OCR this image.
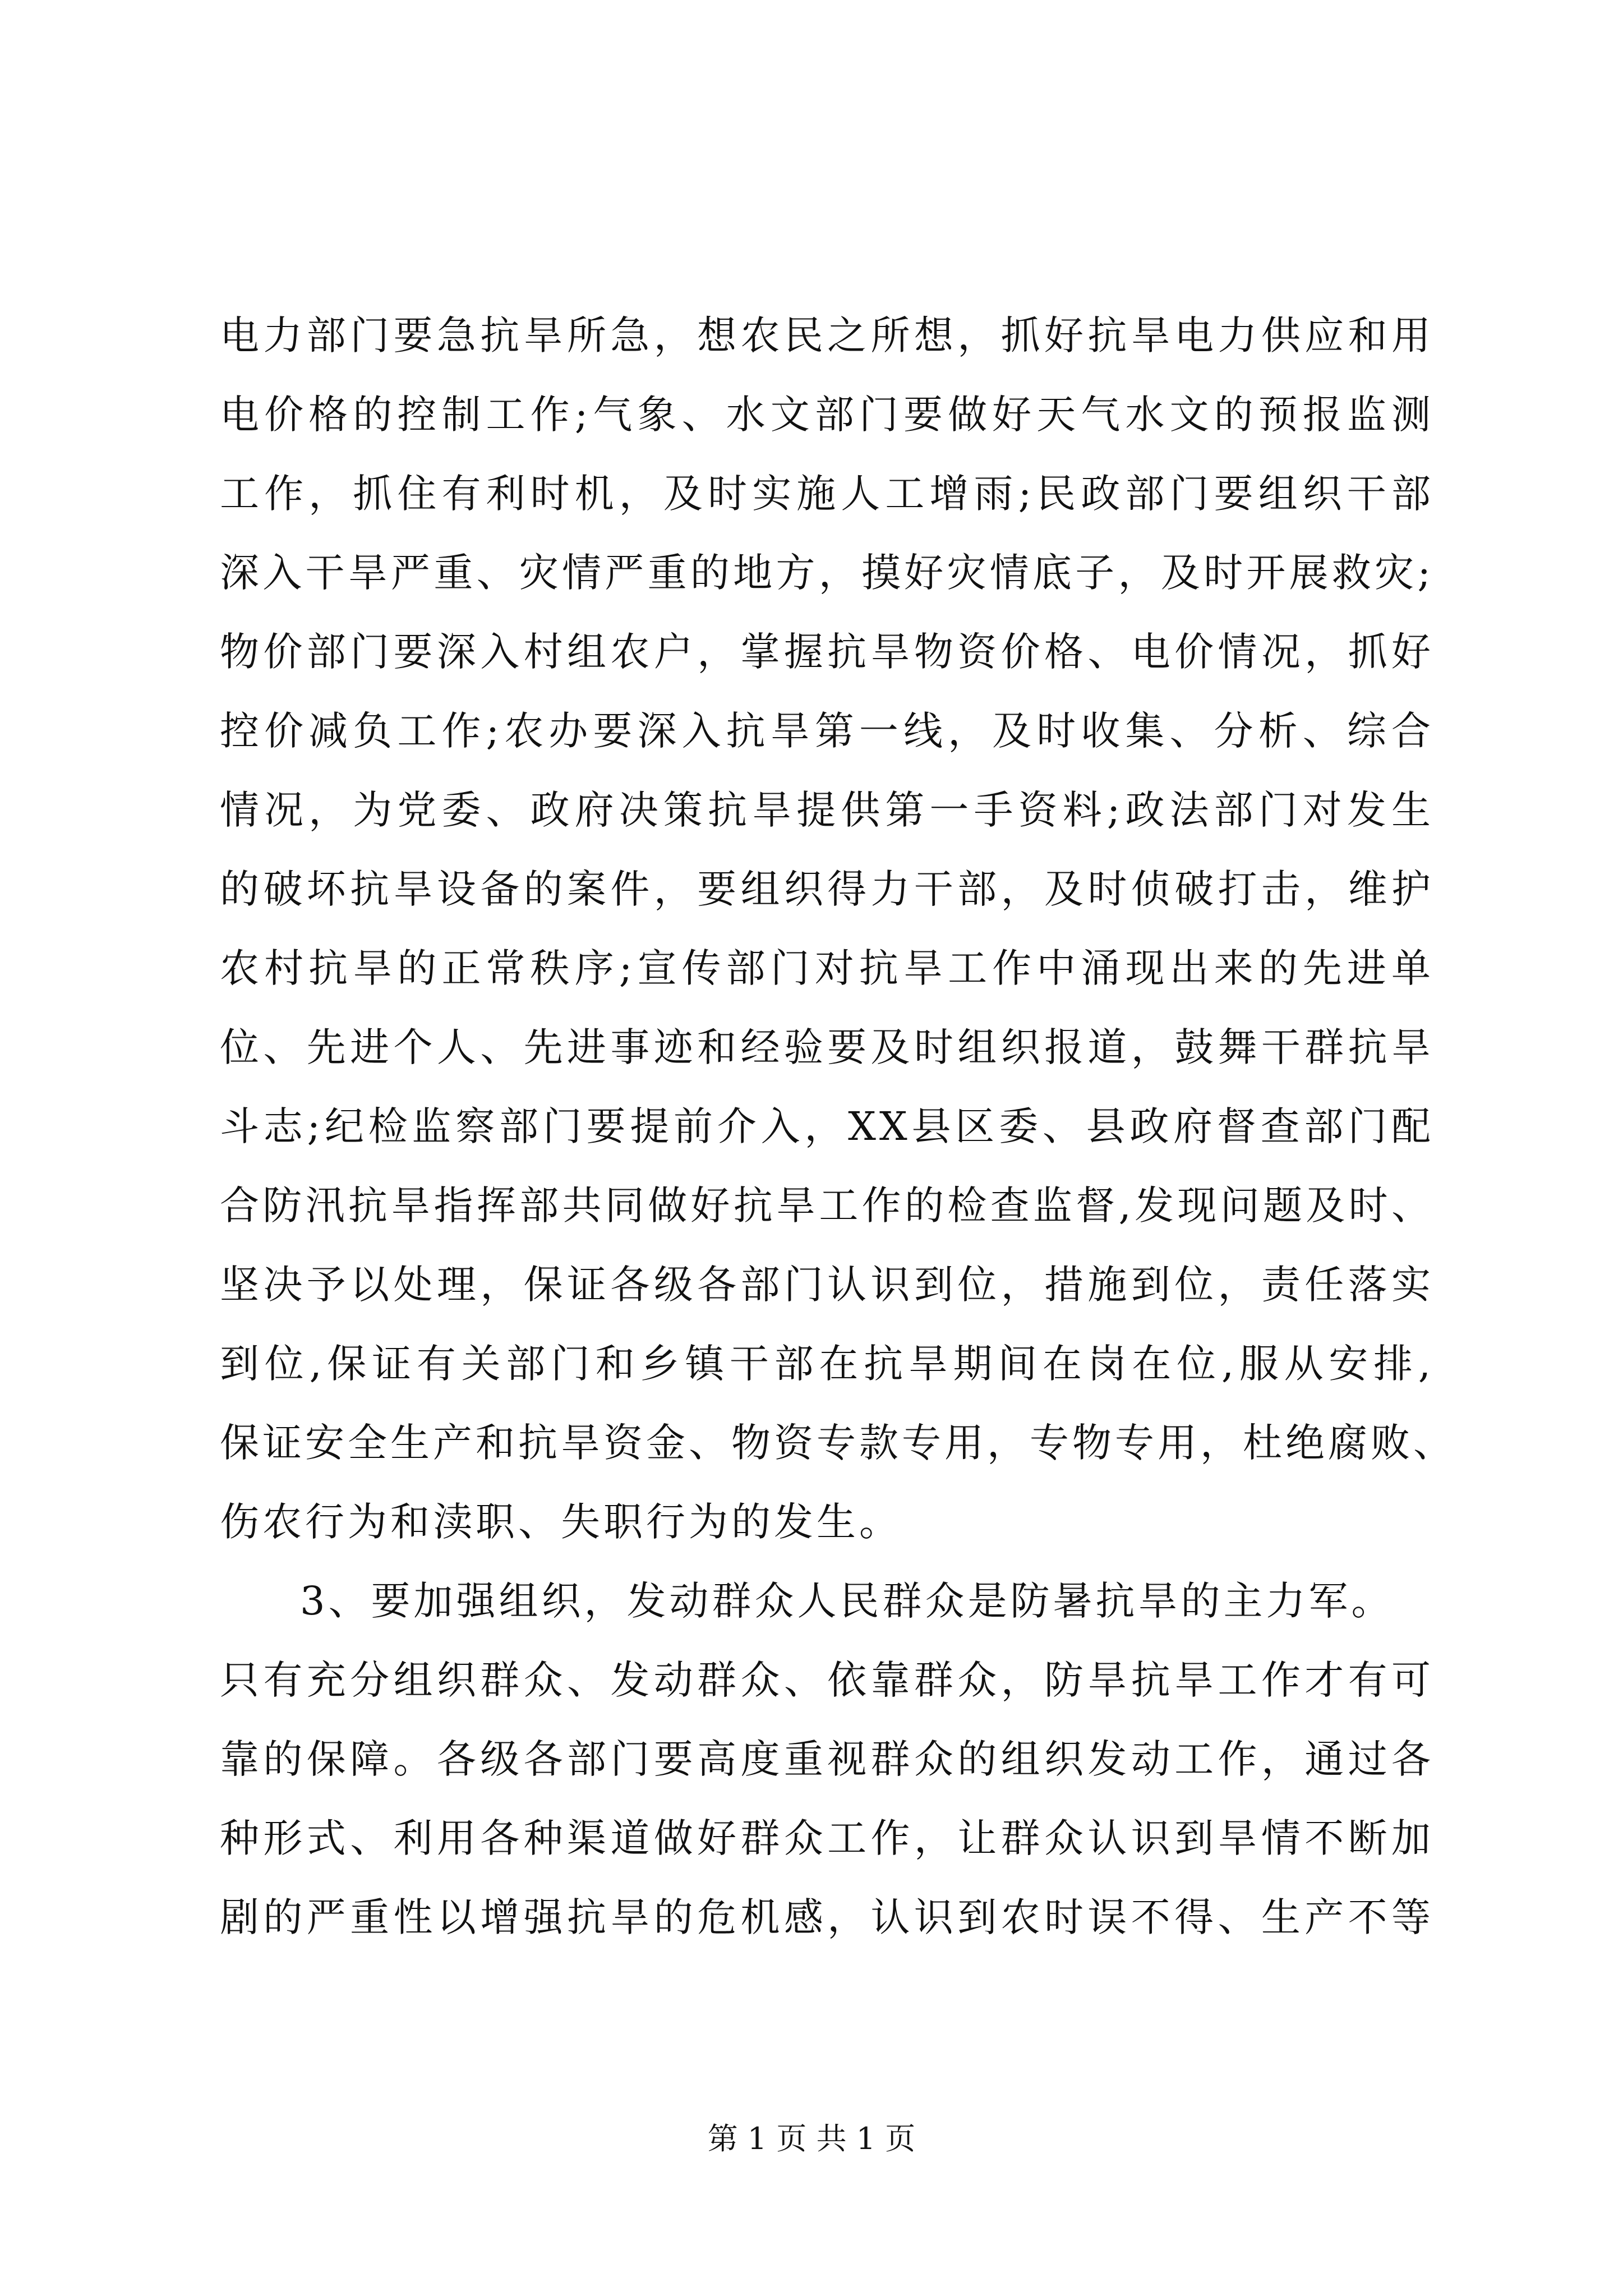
电力部门要急抗旱所急，想农民之所想，抓好抗旱电力供应和用
电价格的控制工作;气象、水文部门要做好天气水文的预报监测
工作，抓住有利时机，及时实施人工增雨;民政部门要组织干部
深入干旱严重、灾情严重的地方，摸好灾情底子，及时开展救灾;
物价部门要深入村组农户，掌握抗旱物资价格、电价情况，抓好
控价减负工作;农办要深入抗旱第一线，及时收集、分析、综合
情况，为党委、政府决策抗旱提供第一手资料;政法部门对发生
的破坏抗旱设备的案件，要组织得力干部，及时侦破打击，维护
农村抗旱的正常秩序;宣传部门对抗旱工作中涌现出来的先进单
位、先进个人、先进事迹和经验要及时组织报道，鼓舞干群抗旱
斗志;纪检监察部门要提前介入，XX县区委、县政府督查部门配
合防汛抗旱指挥部共同做好抗旱工作的检查监督,发现问题及时、
坚决予以处理，保证各级各部门认识到位，措施到位，责任落实
到位,保证有关部门和乡镇干部在抗旱期间在岗在位,服从安排,
保证安全生产和抗旱资金、物资专款专用，专物专用，杜绝腐败、
伤农行为和渎职、失职行为的发生。
3、要加强组织，发动群众人民群众是防暑抗旱的主力军。
只有充分组织群众、发动群众、依靠群众，防旱抗旱工作才有可
靠的保障。各级各部门要高度重视群众的组织发动工作，通过各
种形式、利用各种渠道做好群众工作，让群众认识到旱情不断加
剧的严重性以增强抗旱的危机感，认识到农时误不得、生产不等
第 1 页 共 1 页
